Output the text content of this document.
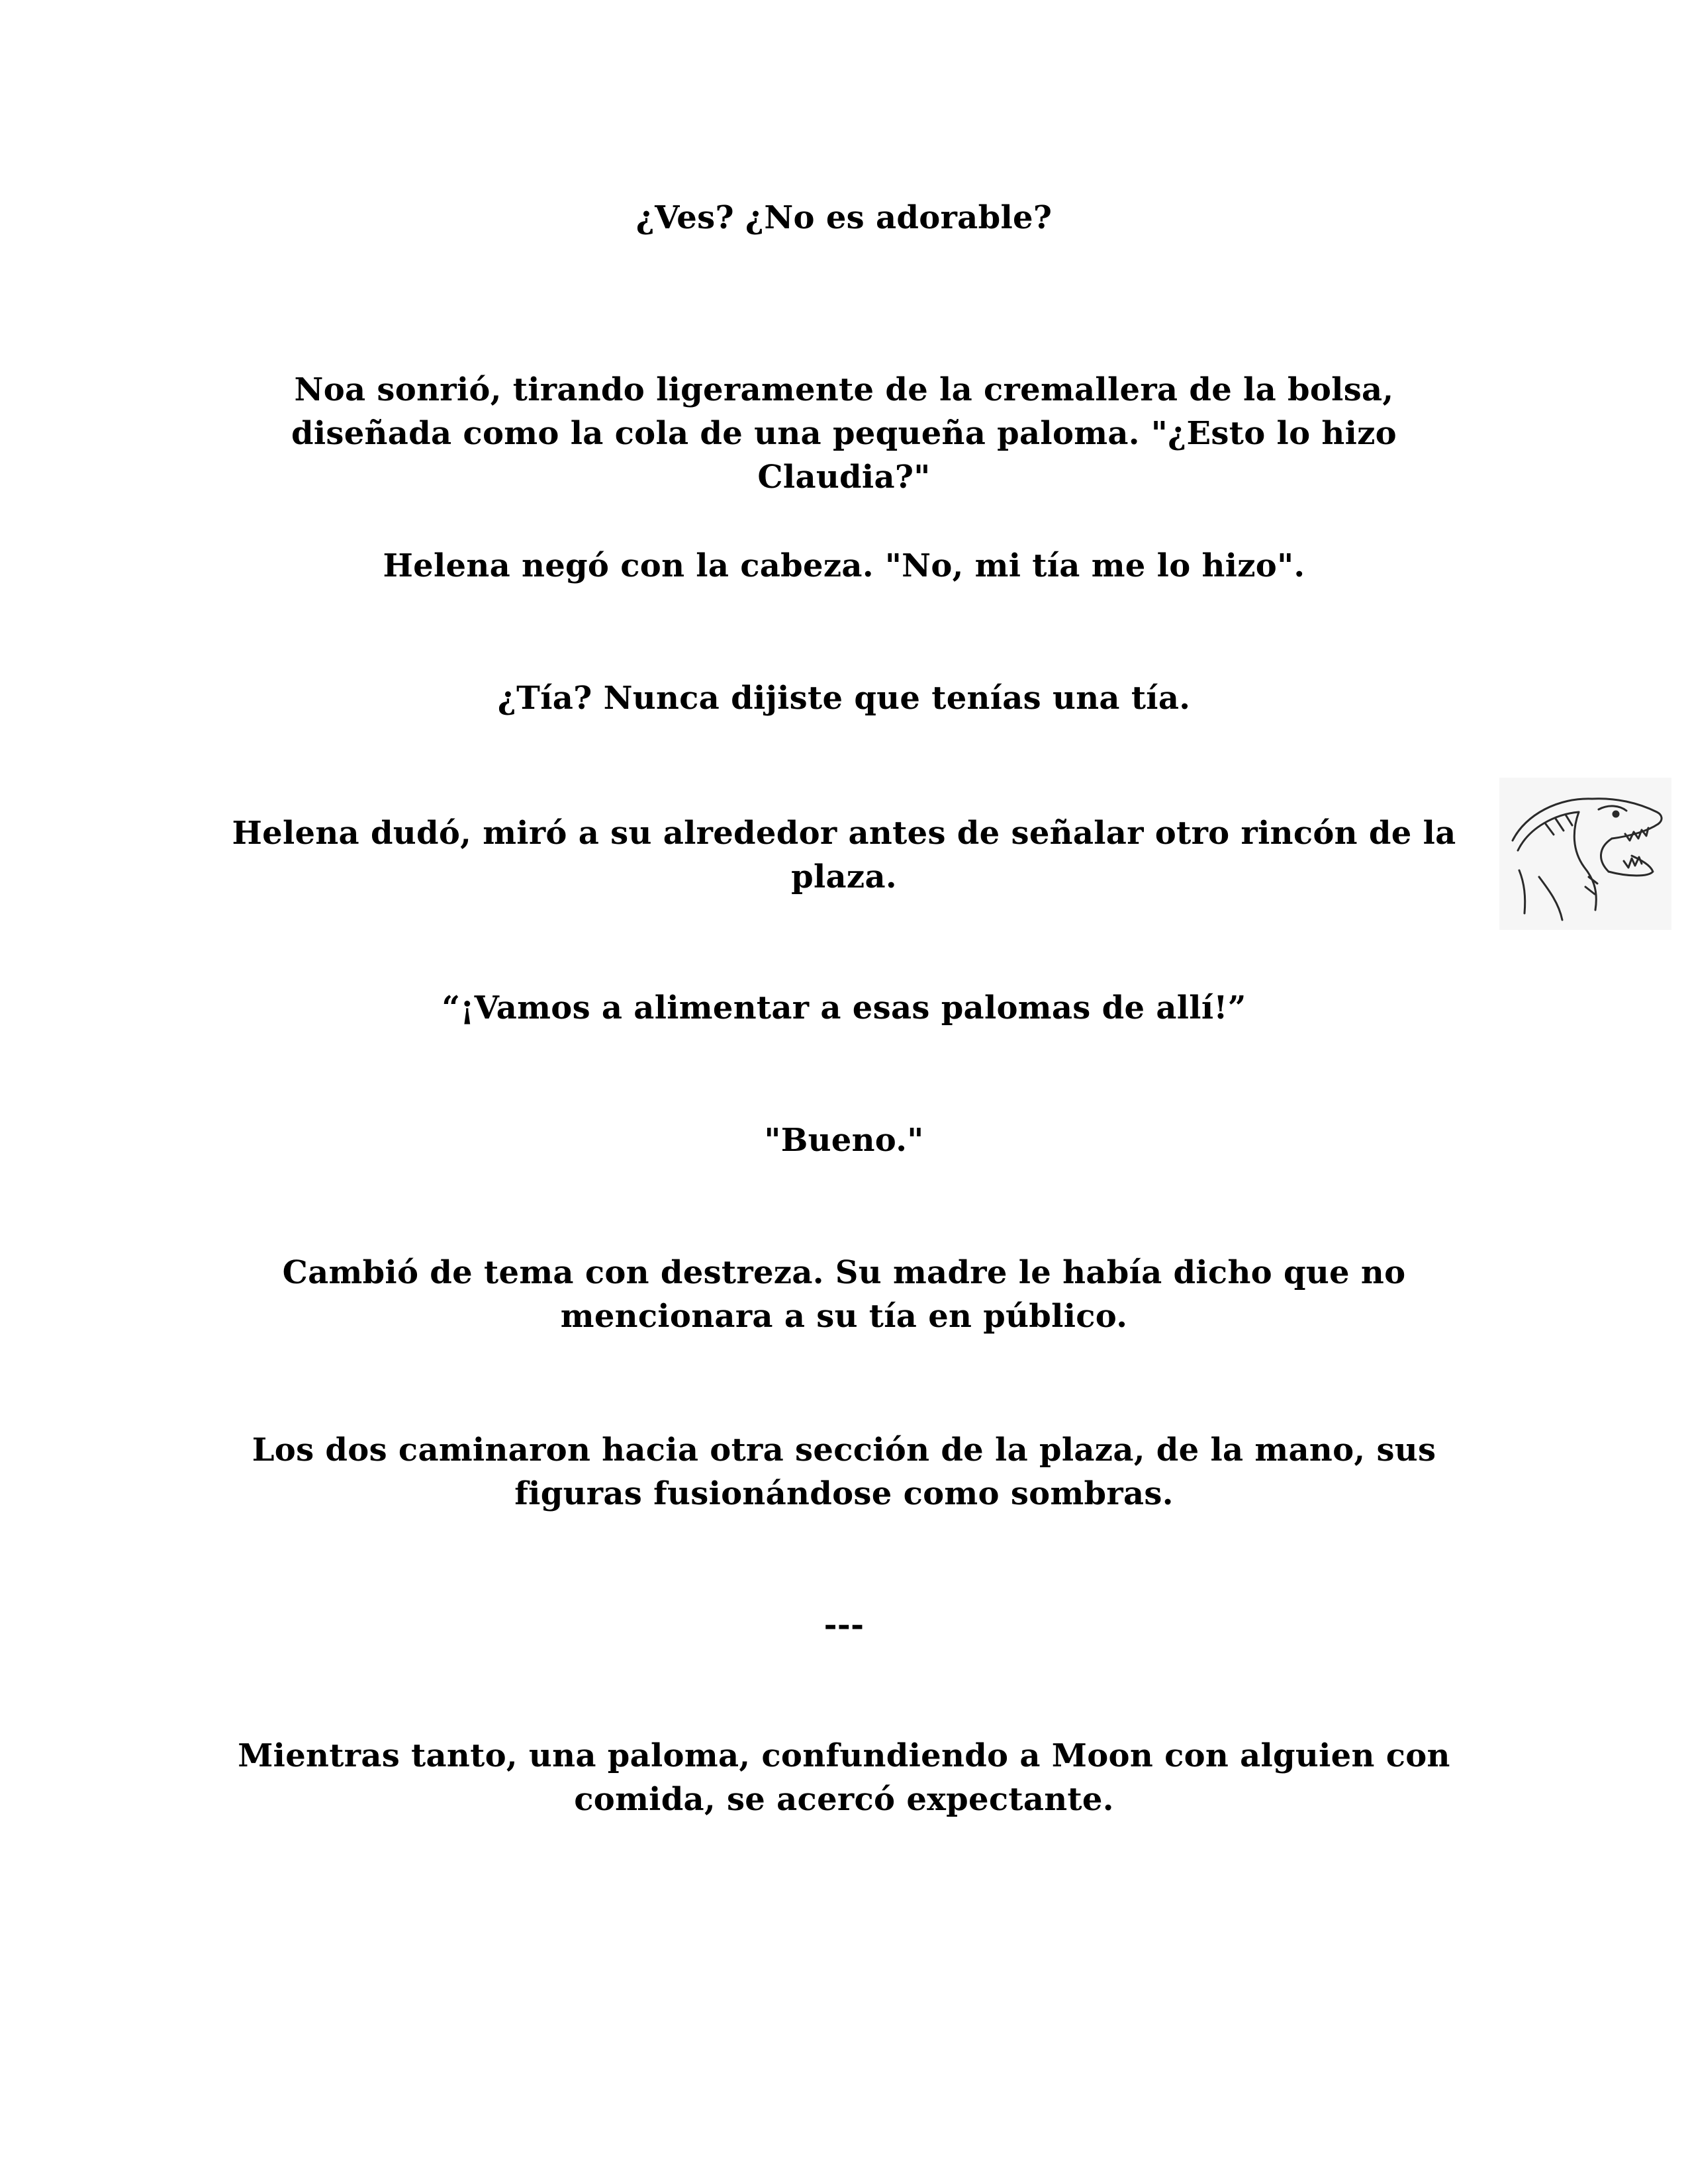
¿Ves? ¿No es adorable?

Noa sonrió, tirando ligeramente de la cremallera de la bolsa, diseñada como la cola de una pequeña paloma. "¿Esto lo hizo Claudia?"

Helena negó con la cabeza. "No, mi tía me lo hizo".

¿Tía? Nunca dijiste que tenías una tía.

Helena dudó, miró a su alrededor antes de señalar otro rincón de la plaza.

“¡Vamos a alimentar a esas palomas de allí!”

"Bueno."

Cambió de tema con destreza. Su madre le había dicho que no mencionara a su tía en público.

Los dos caminaron hacia otra sección de la plaza, de la mano, sus figuras fusionándose como sombras.

---

Mientras tanto, una paloma, confundiendo a Moon con alguien con comida, se acercó expectante.
